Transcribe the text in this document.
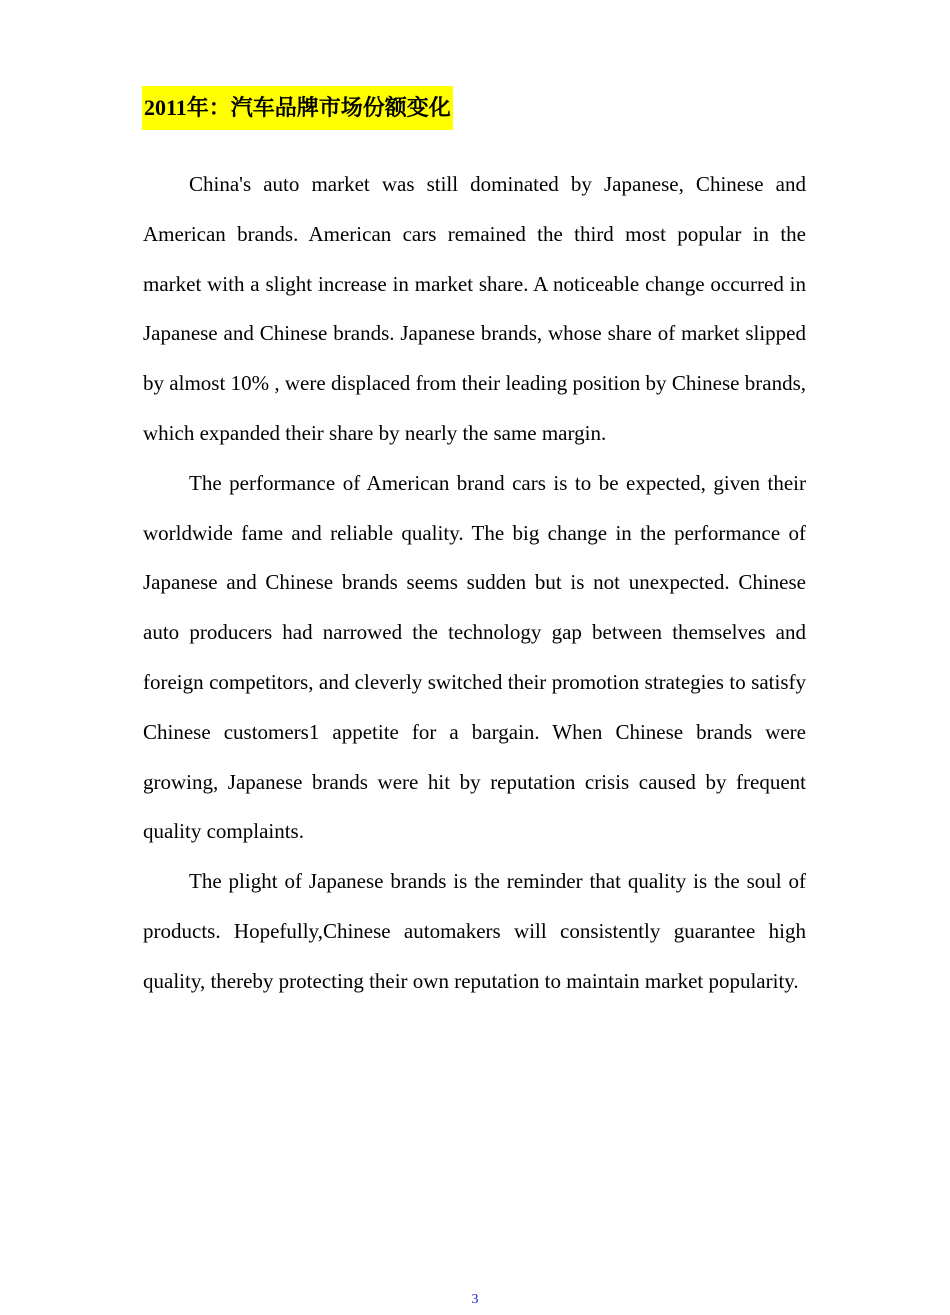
2011年：汽车品牌市场份额变化

China's auto market was still dominated by Japanese, Chinese and American brands. American cars remained the third most popular in the market with a slight increase in market share. A noticeable change occurred in Japanese and Chinese brands. Japanese brands, whose share of market slipped by almost 10% , were displaced from their leading position by Chinese brands, which expanded their share by nearly the same margin.

The performance of American brand cars is to be expected, given their worldwide fame and reliable quality. The big change in the performance of Japanese and Chinese brands seems sudden but is not unexpected. Chinese auto producers had narrowed the technology gap between themselves and foreign competitors, and cleverly switched their promotion strategies to satisfy Chinese customers1 appetite for a bargain. When Chinese brands were growing, Japanese brands were hit by reputation crisis caused by frequent quality complaints.

The plight of Japanese brands is the reminder that quality is the soul of products. Hopefully,Chinese automakers will consistently guarantee high quality, thereby protecting their own reputation to maintain market popularity.

3
